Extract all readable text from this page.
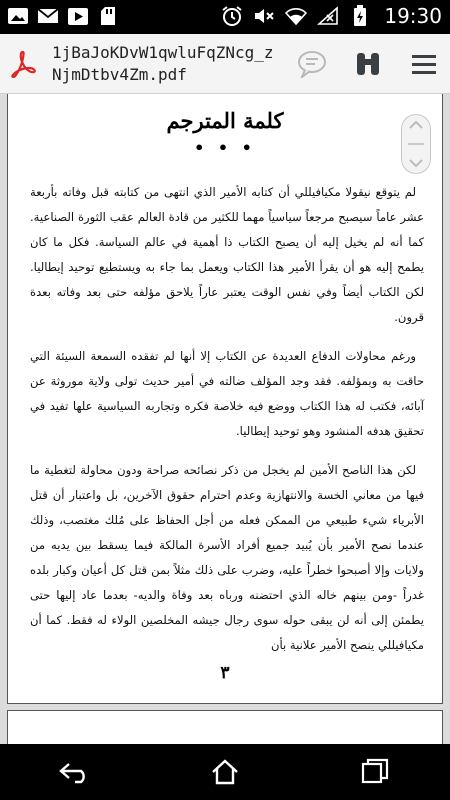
19:30
1jBaJoKDvW1qwluFqZNcg_zNjmDtbv4Zm.pdf
كلمة المترجم
• • •

لم يتوقع نيقولا مكيافيللي أن كتابه الأمير الذي انتهى من كتابته قبل وفاته بأربعة عشر عاماً سيصبح مرجعاً سياسياً مهما للكثير من قادة العالم عقب الثورة الصناعية. كما أنه لم يخيل إليه أن يصبح الكتاب ذا أهمية في عالم السياسة. فكل ما كان يطمح إليه هو أن يقرأ الأمير هذا الكتاب ويعمل بما جاء به ويستطيع توحيد إيطاليا. لكن الكتاب أيضاً وفي نفس الوقت يعتبر عاراً يلاحق مؤلفه حتى بعد وفاته بعدة قرون.

ورغم محاولات الدفاع العديدة عن الكتاب إلا أنها لم تفقده السمعة السيئة التي حاقت به وبمؤلفه. فقد وجد المؤلف ضالته في أمير حديث تولى ولاية موروثة عن آبائه، فكتب له هذا الكتاب ووضع فيه خلاصة فكره وتجاربه السياسية علها تفيد في تحقيق هدفه المنشود وهو توحيد إيطاليا.

لكن هذا الناصح الأمين لم يخجل من ذكر نصائحه صراحة ودون محاولة لتغطية ما فيها من معاني الخسة والانتهازية وعدم احترام حقوق الآخرين، بل واعتبار أن قتل الأبرياء شيء طبيعي من الممكن فعله من أجل الحفاظ على مُلك مغتصب، وذلك عندما نصح الأمير بأن يُبيد جميع أفراد الأسرة المالكة فيما يسقط بين يديه من ولايات وإلا أصبحوا خطراً عليه، وضرب على ذلك مثلاً بمن قتل كل أعيان وكبار بلده غدراً -ومن بينهم خاله الذي احتضنه ورباه بعد وفاة والديه- بعدما عاد إليها حتى يطمئن إلى أنه لن يبقى حوله سوى رجال جيشه المخلصين الولاء له فقط. كما أن مكيافيللي ينصح الأمير علانية بأن

٣
